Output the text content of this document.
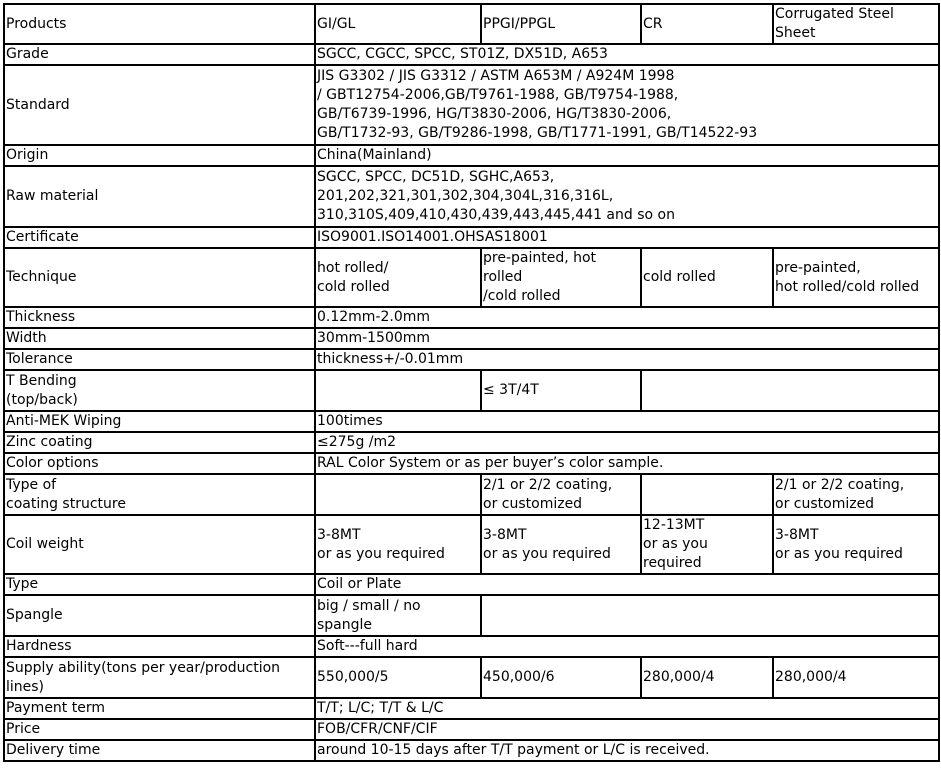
Products	GI/GL	PPGI/PPGL	CR	Corrugated Steel
Sheet
Grade	SGCC, CGCC, SPCC, ST01Z, DX51D, A653			
Standard	JIS G3302 / JIS G3312 / ASTM A653M / A924M 1998
/ GBT12754-2006,GB/T9761-1988, GB/T9754-1988,
GB/T6739-1996, HG/T3830-2006, HG/T3830-2006,
GB/T1732-93, GB/T9286-1998, GB/T1771-1991, GB/T14522-93			
Origin	China(Mainland)			
Raw material	SGCC, SPCC, DC51D, SGHC,A653,
201,202,321,301,302,304,304L,316,316L,
310,310S,409,410,430,439,443,445,441 and so on			
Certificate	ISO9001.ISO14001.OHSAS18001			
Technique	hot rolled/
cold rolled	pre-painted, hot
rolled
/cold rolled	cold rolled	pre-painted,
hot rolled/cold rolled
Thickness	0.12mm-2.0mm			
Width	30mm-1500mm			
Tolerance	thickness+/-0.01mm			
T Bending
(top/back)		≤ 3T/4T		
Anti-MEK Wiping	100times			
Zinc coating	≤275g /m2			
Color options	RAL Color System or as per buyer’s color sample.			
Type of
coating structure		2/1 or 2/2 coating,
or customized		2/1 or 2/2 coating,
or customized
Coil weight	3-8MT
or as you required	3-8MT
or as you required	12-13MT
or as you
required	3-8MT
or as you required
Type	Coil or Plate			
Spangle	big / small / no
spangle			
Hardness	Soft---full hard			
Supply ability(tons per year/production
lines)	550,000/5	450,000/6	280,000/4	280,000/4
Payment term	T/T; L/C; T/T & L/C			
Price	FOB/CFR/CNF/CIF			
Delivery time	around 10-15 days after T/T payment or L/C is received.			
